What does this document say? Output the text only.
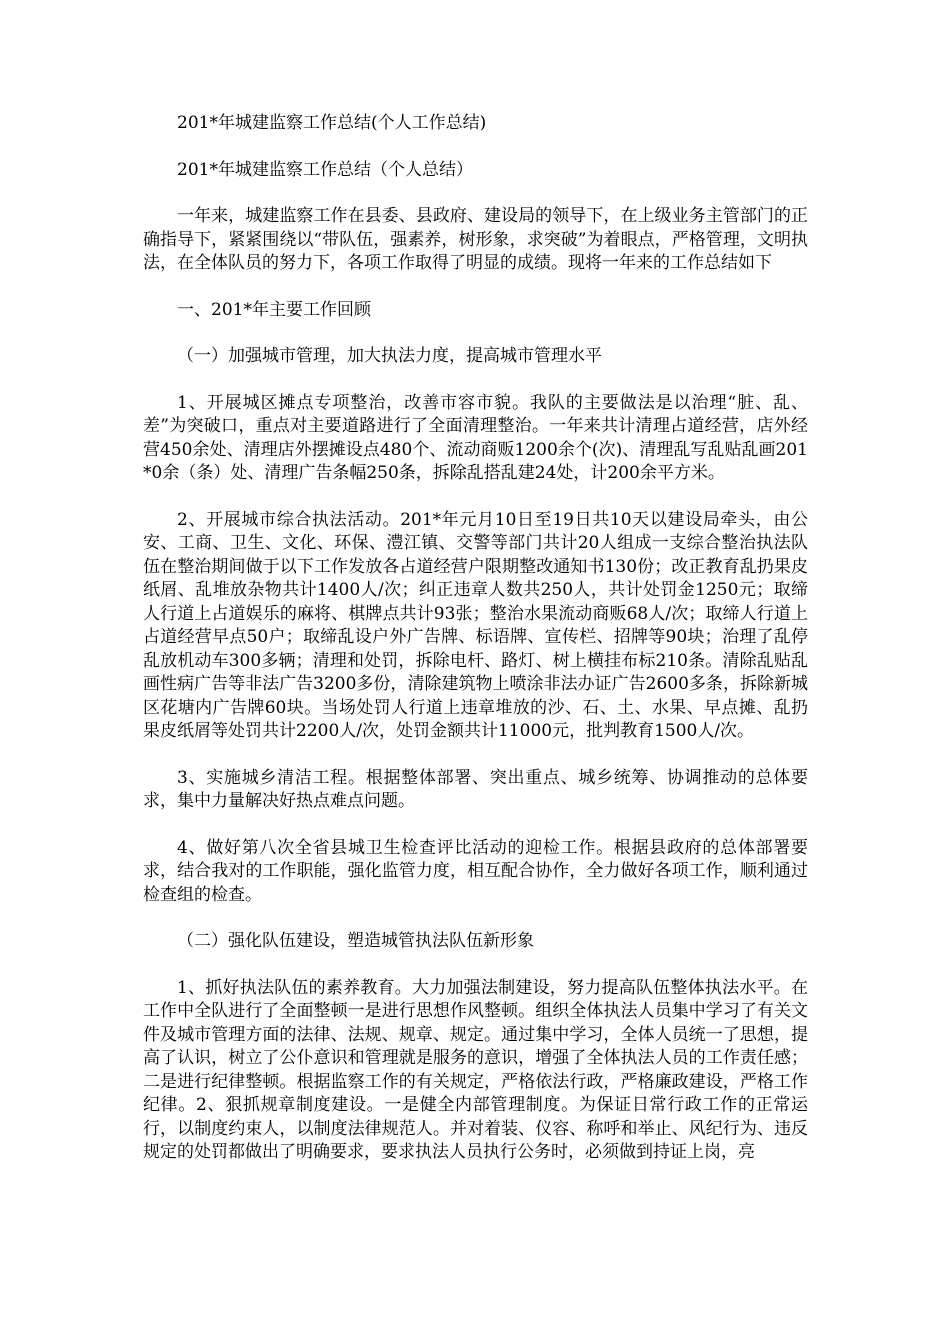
201*年城建监察工作总结(个人工作总结)

201*年城建监察工作总结（个人总结）

一年来，城建监察工作在县委、县政府、建设局的领导下，在上级业务主管部门的正确指导下，紧紧围绕以“带队伍，强素养，树形象，求突破”为着眼点，严格管理，文明执法，在全体队员的努力下，各项工作取得了明显的成绩。现将一年来的工作总结如下

一、201*年主要工作回顾

（一）加强城市管理，加大执法力度，提高城市管理水平

1、开展城区摊点专项整治，改善市容市貌。我队的主要做法是以治理“脏、乱、差”为突破口，重点对主要道路进行了全面清理整治。一年来共计清理占道经营，店外经营450余处、清理店外摆摊设点480个、流动商贩1200余个(次)、清理乱写乱贴乱画201*0余（条）处、清理广告条幅250条，拆除乱搭乱建24处，计200余平方米。

2、开展城市综合执法活动。201*年元月10日至19日共10天以建设局牵头，由公安、工商、卫生、文化、环保、澧江镇、交警等部门共计20人组成一支综合整治执法队伍在整治期间做于以下工作发放各占道经营户限期整改通知书130份；改正教育乱扔果皮纸屑、乱堆放杂物共计1400人/次；纠正违章人数共250人，共计处罚金1250元；取缔人行道上占道娱乐的麻将、棋牌点共计93张；整治水果流动商贩68人/次；取缔人行道上占道经营早点50户；取缔乱设户外广告牌、标语牌、宣传栏、招牌等90块；治理了乱停乱放机动车300多辆；清理和处罚，拆除电杆、路灯、树上横挂布标210条。清除乱贴乱画性病广告等非法广告3200多份，清除建筑物上喷涂非法办证广告2600多条，拆除新城区花塘内广告牌60块。当场处罚人行道上违章堆放的沙、石、土、水果、早点摊、乱扔果皮纸屑等处罚共计2200人/次，处罚金额共计11000元，批判教育1500人/次。

3、实施城乡清洁工程。根据整体部署、突出重点、城乡统筹、协调推动的总体要求，集中力量解决好热点难点问题。

4、做好第八次全省县城卫生检查评比活动的迎检工作。根据县政府的总体部署要求，结合我对的工作职能，强化监管力度，相互配合协作，全力做好各项工作，顺利通过检查组的检查。

（二）强化队伍建设，塑造城管执法队伍新形象

1、抓好执法队伍的素养教育。大力加强法制建设，努力提高队伍整体执法水平。在工作中全队进行了全面整顿一是进行思想作风整顿。组织全体执法人员集中学习了有关文件及城市管理方面的法律、法规、规章、规定。通过集中学习，全体人员统一了思想，提高了认识，树立了公仆意识和管理就是服务的意识，增强了全体执法人员的工作责任感；二是进行纪律整顿。根据监察工作的有关规定，严格依法行政，严格廉政建设，严格工作纪律。2、狠抓规章制度建设。一是健全内部管理制度。为保证日常行政工作的正常运行，以制度约束人，以制度法律规范人。并对着装、仪容、称呼和举止、风纪行为、违反规定的处罚都做出了明确要求，要求执法人员执行公务时，必须做到持证上岗，亮
